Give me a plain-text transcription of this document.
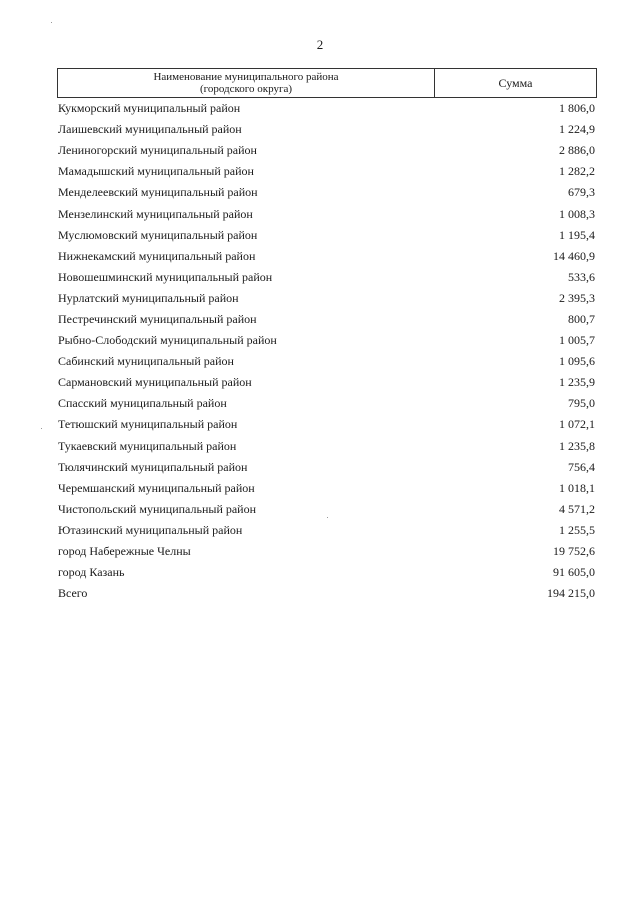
2
Наименование муниципального района
(городского округа)	Сумма
Кукморский муниципальный район	1 806,0
Лаишевский муниципальный район	1 224,9
Лениногорский муниципальный район	2 886,0
Мамадышский муниципальный район	1 282,2
Менделеевский муниципальный район	679,3
Мензелинский муниципальный район	1 008,3
Муслюмовский муниципальный район	1 195,4
Нижнекамский муниципальный район	14 460,9
Новошешминский муниципальный район	533,6
Нурлатский муниципальный район	2 395,3
Пестречинский муниципальный район	800,7
Рыбно-Слободский муниципальный район	1 005,7
Сабинский муниципальный район	1 095,6
Сармановский муниципальный район	1 235,9
Спасский муниципальный район	795,0
Тетюшский муниципальный район	1 072,1
Тукаевский муниципальный район	1 235,8
Тюлячинский муниципальный район	756,4
Черемшанский муниципальный район	1 018,1
Чистопольский муниципальный район	4 571,2
Ютазинский муниципальный район	1 255,5
город Набережные Челны	19 752,6
город Казань	91 605,0
Всего	194 215,0
